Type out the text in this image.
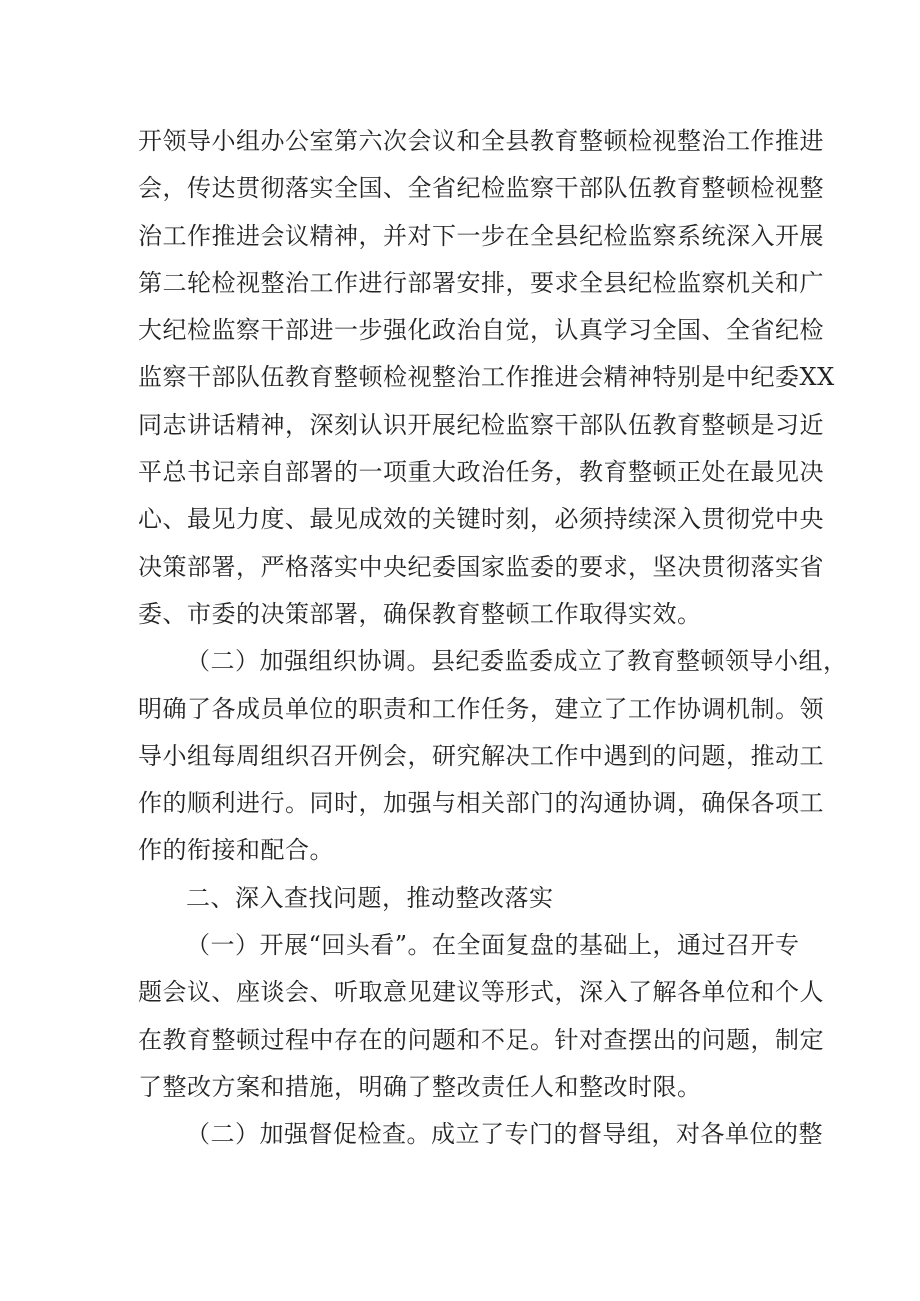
开领导小组办公室第六次会议和全县教育整顿检视整治工作推进
会，传达贯彻落实全国、全省纪检监察干部队伍教育整顿检视整
治工作推进会议精神，并对下一步在全县纪检监察系统深入开展
第二轮检视整治工作进行部署安排，要求全县纪检监察机关和广
大纪检监察干部进一步强化政治自觉，认真学习全国、全省纪检
监察干部队伍教育整顿检视整治工作推进会精神特别是中纪委XX
同志讲话精神，深刻认识开展纪检监察干部队伍教育整顿是习近
平总书记亲自部署的一项重大政治任务，教育整顿正处在最见决
心、最见力度、最见成效的关键时刻，必须持续深入贯彻党中央
决策部署，严格落实中央纪委国家监委的要求，坚决贯彻落实省
委、市委的决策部署，确保教育整顿工作取得实效。
（二）加强组织协调。县纪委监委成立了教育整顿领导小组，
明确了各成员单位的职责和工作任务，建立了工作协调机制。领
导小组每周组织召开例会，研究解决工作中遇到的问题，推动工
作的顺利进行。同时，加强与相关部门的沟通协调，确保各项工
作的衔接和配合。
二、深入查找问题，推动整改落实
（一）开展“回头看”。在全面复盘的基础上，通过召开专
题会议、座谈会、听取意见建议等形式，深入了解各单位和个人
在教育整顿过程中存在的问题和不足。针对查摆出的问题，制定
了整改方案和措施，明确了整改责任人和整改时限。
（二）加强督促检查。成立了专门的督导组，对各单位的整
